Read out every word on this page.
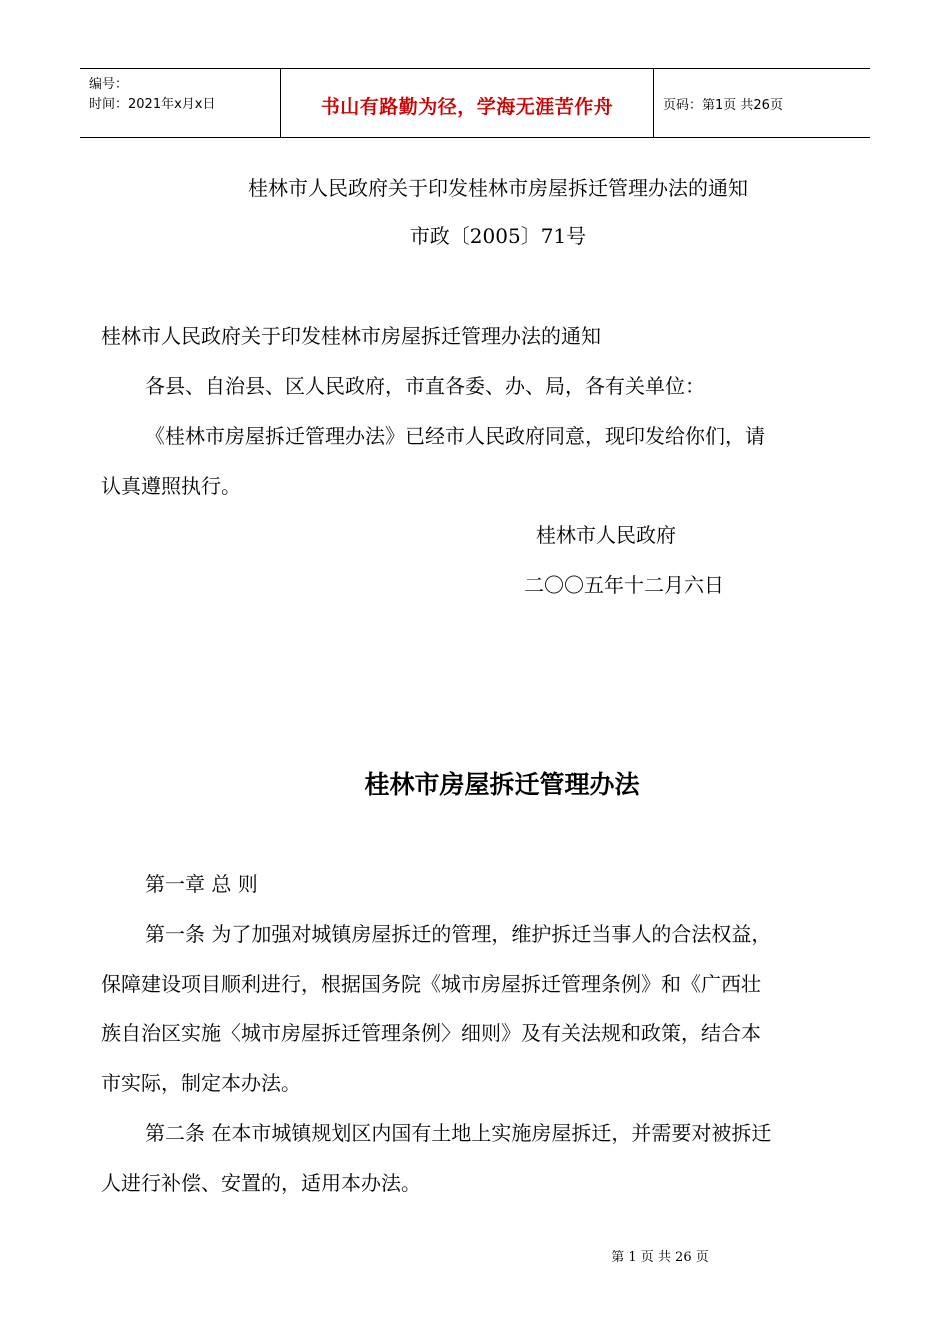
编号：
时间：2021年x月x日	书山有路勤为径，学海无涯苦作舟	页码：第1页 共26页
桂林市人民政府关于印发桂林市房屋拆迁管理办法的通知
市政〔2005〕71号
桂林市人民政府关于印发桂林市房屋拆迁管理办法的通知
各县、自治县、区人民政府，市直各委、办、局，各有关单位：
《桂林市房屋拆迁管理办法》已经市人民政府同意，现印发给你们，请
认真遵照执行。
桂林市人民政府
二〇〇五年十二月六日
桂林市房屋拆迁管理办法
第一章 总 则
第一条 为了加强对城镇房屋拆迁的管理，维护拆迁当事人的合法权益，
保障建设项目顺利进行，根据国务院《城市房屋拆迁管理条例》和《广西壮
族自治区实施〈城市房屋拆迁管理条例〉细则》及有关法规和政策，结合本
市实际，制定本办法。
第二条 在本市城镇规划区内国有土地上实施房屋拆迁，并需要对被拆迁
人进行补偿、安置的，适用本办法。
第 1 页 共 26 页
